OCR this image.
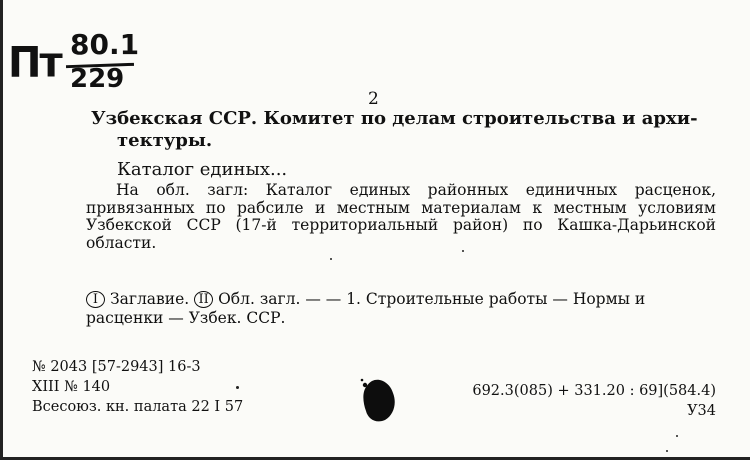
Пт 80.1
229
2
Узбекская ССР. Комитет по делам строительства и архи-
тектуры.
Каталог единых...
На обл. загл: Каталог единых районных единичных расценок, привязанных по рабсиле и местным материалам к местным условиям Узбекской ССР (17-й территориальный район) по Кашка-Дарьинской области.
I Заглавие. II Обл. загл. — — 1. Строительные работы — Нормы и расценки — Узбек. ССР.
№ 2043 [57-2943] 16-3
XIII № 140
Всесоюз. кн. палата 22 I 57
692.3(085) + 331.20 : 69](584.4)
У34
